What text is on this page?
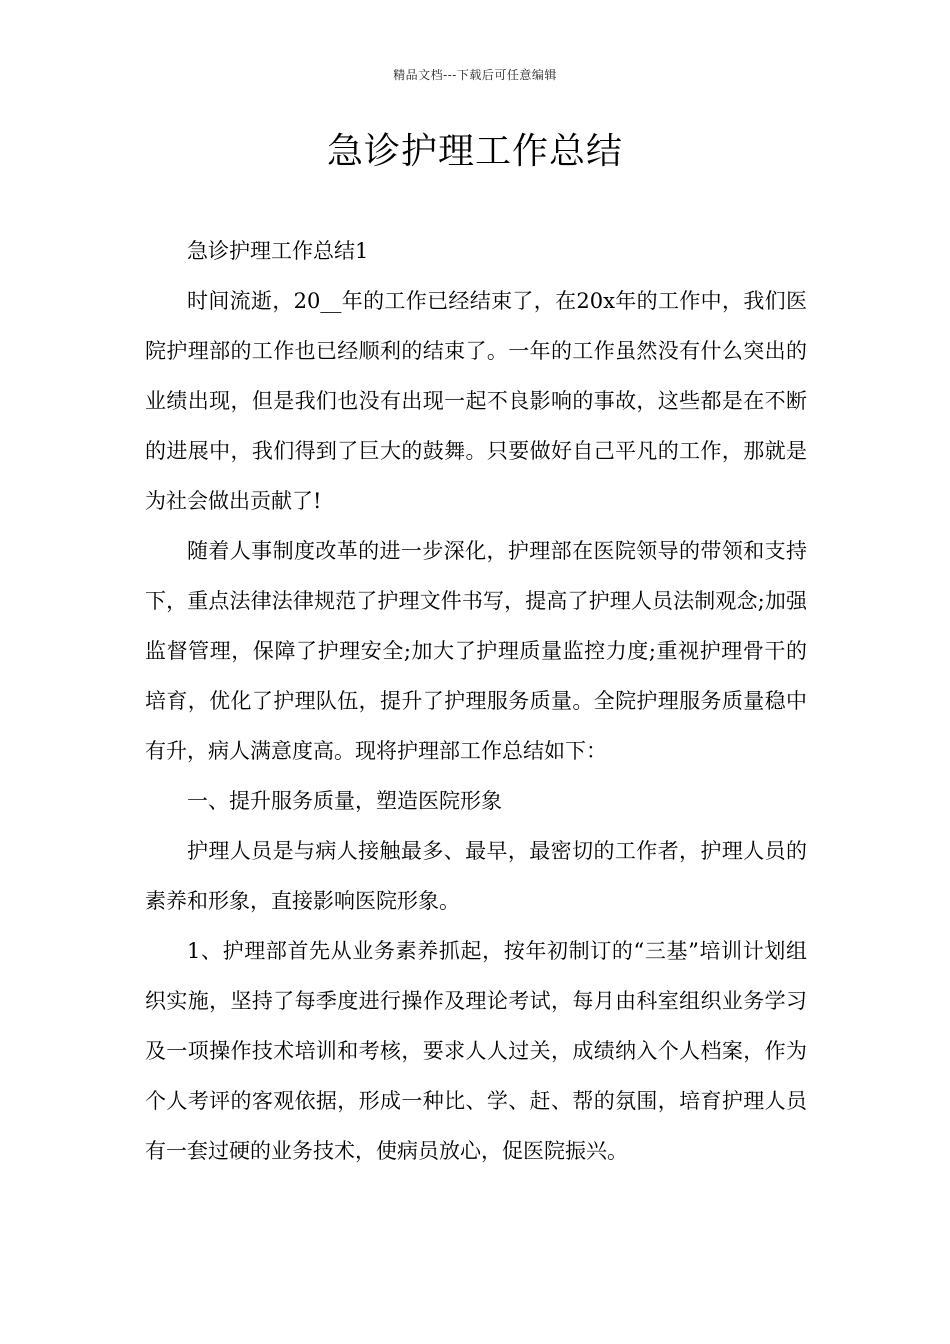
精品文档---下载后可任意编辑
急诊护理工作总结

急诊护理工作总结1

时间流逝，20__年的工作已经结束了，在20x年的工作中，我们医院护理部的工作也已经顺利的结束了。一年的工作虽然没有什么突出的业绩出现，但是我们也没有出现一起不良影响的事故，这些都是在不断的进展中，我们得到了巨大的鼓舞。只要做好自己平凡的工作，那就是为社会做出贡献了!

随着人事制度改革的进一步深化，护理部在医院领导的带领和支持下，重点法律法律规范了护理文件书写，提高了护理人员法制观念;加强监督管理，保障了护理安全;加大了护理质量监控力度;重视护理骨干的培育，优化了护理队伍，提升了护理服务质量。全院护理服务质量稳中有升，病人满意度高。现将护理部工作总结如下：

一、提升服务质量，塑造医院形象

护理人员是与病人接触最多、最早，最密切的工作者，护理人员的素养和形象，直接影响医院形象。

1、护理部首先从业务素养抓起，按年初制订的“三基”培训计划组织实施，坚持了每季度进行操作及理论考试，每月由科室组织业务学习及一项操作技术培训和考核，要求人人过关，成绩纳入个人档案，作为个人考评的客观依据，形成一种比、学、赶、帮的氛围，培育护理人员有一套过硬的业务技术，使病员放心，促医院振兴。
